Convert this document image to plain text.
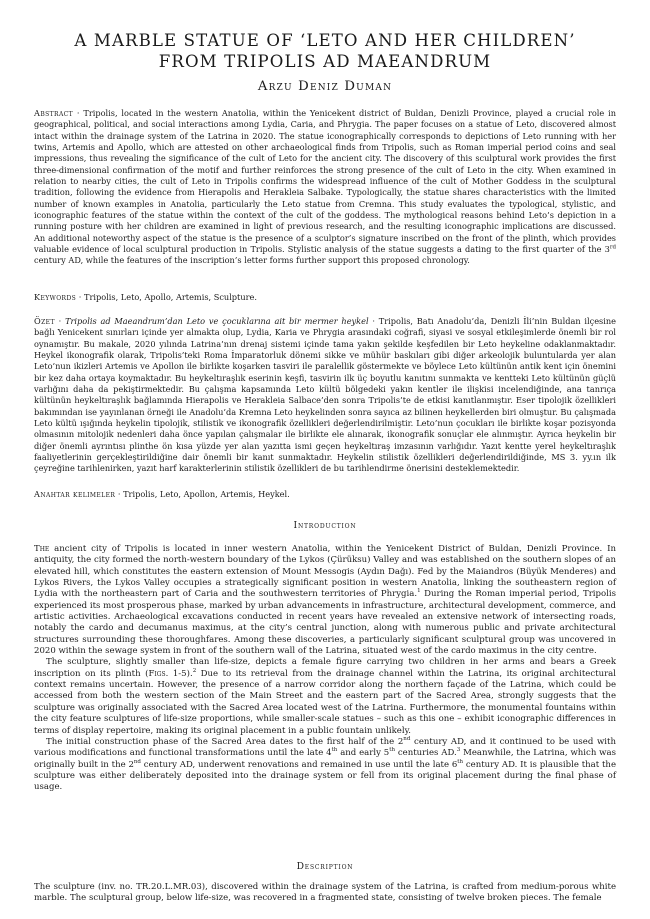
A MARBLE STATUE OF ‘LETO AND HER CHILDREN’
FROM TRIPOLIS AD MAEANDRUM
Arzu Deniz Duman
Abstract · Tripolis, located in the western Anatolia, within the Yenicekent district of Buldan, Denizli Province, played a crucial role in geographical, political, and social interactions among Lydia, Caria, and Phrygia. The paper focuses on a statue of Leto, discovered almost intact within the drainage system of the Latrina in 2020. The statue iconographically corresponds to depictions of Leto running with her twins, Artemis and Apollo, which are attested on other archaeological finds from Tripolis, such as Roman imperial period coins and seal impressions, thus revealing the significance of the cult of Leto for the ancient city. The discovery of this sculptural work provides the first three-dimensional confirmation of the motif and further reinforces the strong presence of the cult of Leto in the city. When examined in relation to nearby cities, the cult of Leto in Tripolis confirms the widespread influence of the cult of Mother Goddess in the sculptural tradition, following the evidence from Hierapolis and Herakleia Salbake. Typologically, the statue shares characteristics with the limited number of known examples in Anatolia, particularly the Leto statue from Cremna. This study evaluates the typological, stylistic, and iconographic features of the statue within the context of the cult of the goddess. The mythological reasons behind Leto’s depiction in a running posture with her children are examined in light of previous research, and the resulting iconographic implications are discussed. An additional noteworthy aspect of the statue is the presence of a sculptor’s signature inscribed on the front of the plinth, which provides valuable evidence of local sculptural production in Tripolis. Stylistic analysis of the statue suggests a dating to the first quarter of the 3rd century AD, while the features of the inscription’s letter forms further support this proposed chronology.
Keywords · Tripolis, Leto, Apollo, Artemis, Sculpture.
Özet · Tripolis ad Maeandrum’dan Leto ve çocuklarına ait bir mermer heykel · Tripolis, Batı Anadolu’da, Denizli İli’nin Buldan ilçesine bağlı Yenicekent sınırları içinde yer almakta olup, Lydia, Karia ve Phrygia arasındaki coğrafi, siyasi ve sosyal etkileşimlerde önemli bir rol oynamıştır. Bu makale, 2020 yılında Latrina’nın drenaj sistemi içinde tama yakın şekilde keşfedilen bir Leto heykeline odaklanmaktadır. Heykel ikonografik olarak, Tripolis’teki Roma İmparatorluk dönemi sikke ve mühür baskıları gibi diğer arkeolojik buluntularda yer alan Leto’nun ikizleri Artemis ve Apollon ile birlikte koşarken tasviri ile paralellik göstermekte ve böylece Leto kültünün antik kent için önemini bir kez daha ortaya koymaktadır. Bu heykeltıraşlık eserinin keşfi, tasvirin ilk üç boyutlu kanıtını sunmakta ve kentteki Leto kültünün güçlü varlığını daha da pekiştirmektedir. Bu çalışma kapsamında Leto kültü bölgedeki yakın kentler ile ilişkisi incelendiğinde, ana tanrıça kültünün heykeltıraşlık bağlamında Hierapolis ve Herakleia Salbace’den sonra Tripolis’te de etkisi kanıtlanmıştır. Eser tipolojik özellikleri bakımından ise yayınlanan örneği ile Anadolu’da Kremna Leto heykelinden sonra sayıca az bilinen heykellerden biri olmuştur. Bu çalışmada Leto kültü ışığında heykelin tipolojik, stilistik ve ikonografik özellikleri değerlendirilmiştir. Leto’nun çocukları ile birlikte koşar pozisyonda olmasının mitolojik nedenleri daha önce yapılan çalışmalar ile birlikte ele alınarak, ikonografik sonuçlar ele alınmıştır. Ayrıca heykelin bir diğer önemli ayrıntısı plinthe ön kısa yüzde yer alan yazıtta ismi geçen heykeltıraş imzasının varlığıdır. Yazıt kentte yerel heykeltıraşlık faaliyetlerinin gerçekleştirildiğine dair önemli bir kanıt sunmaktadır. Heykelin stilistik özellikleri değerlendirildiğinde, MS 3. yy.ın ilk çeyreğine tarihlenirken, yazıt harf karakterlerinin stilistik özellikleri de bu tarihlendirme önerisini desteklemektedir.
Anahtar kelimeler · Tripolis, Leto, Apollon, Artemis, Heykel.
Introduction

The ancient city of Tripolis is located in inner western Anatolia, within the Yenicekent District of Buldan, Denizli Province. In antiquity, the city formed the north-western boundary of the Lykos (Çürüksu) Valley and was established on the southern slopes of an elevated hill, which constitutes the eastern extension of Mount Messogis (Aydın Dağı). Fed by the Maiandros (Büyük Menderes) and Lykos Rivers, the Lykos Valley occupies a strategically significant position in western Anatolia, linking the southeastern region of Lydia with the northeastern part of Caria and the southwestern territories of Phrygia.$^1$ During the Roman imperial period, Tripolis experienced its most prosperous phase, marked by urban advancements in infrastructure, architectural development, commerce, and artistic activities. Archaeological excavations conducted in recent years have revealed an extensive network of intersecting roads, notably the cardo and decumanus maximus, at the city’s central junction, along with numerous public and private architectural structures surrounding these thoroughfares. Among these discoveries, a particularly significant sculptural group was uncovered in 2020 within the sewage system in front of the southern wall of the Latrina, situated west of the cardo maximus in the city centre.

The sculpture, slightly smaller than life-size, depicts a female figure carrying two children in her arms and bears a Greek inscription on its plinth (Figs. 1-5).$^2$ Due to its retrieval from the drainage channel within the Latrina, its original architectural context remains uncertain. However, the presence of a narrow corridor along the northern façade of the Latrina, which could be accessed from both the western section of the Main Street and the eastern part of the Sacred Area, strongly suggests that the sculpture was originally associated with the Sacred Area located west of the Latrina. Furthermore, the monumental fountains within the city feature sculptures of life-size proportions, while smaller-scale statues – such as this one – exhibit iconographic differences in terms of display repertoire, making its original placement in a public fountain unlikely.

The initial construction phase of the Sacred Area dates to the first half of the 2nd century AD, and it continued to be used with various modifications and functional transformations until the late 4th and early 5th centuries AD.$^3$ Meanwhile, the Latrina, which was originally built in the 2nd century AD, underwent renovations and remained in use until the late 6th century AD. It is plausible that the sculpture was either deliberately deposited into the drainage system or fell from its original placement during the final phase of usage.

Description

The sculpture (inv. no. TR.20.L.MR.03), discovered within the drainage system of the Latrina, is crafted from medium-porous white marble. The sculptural group, below life-size, was recovered in a fragmented state, consisting of twelve broken pieces. The female
